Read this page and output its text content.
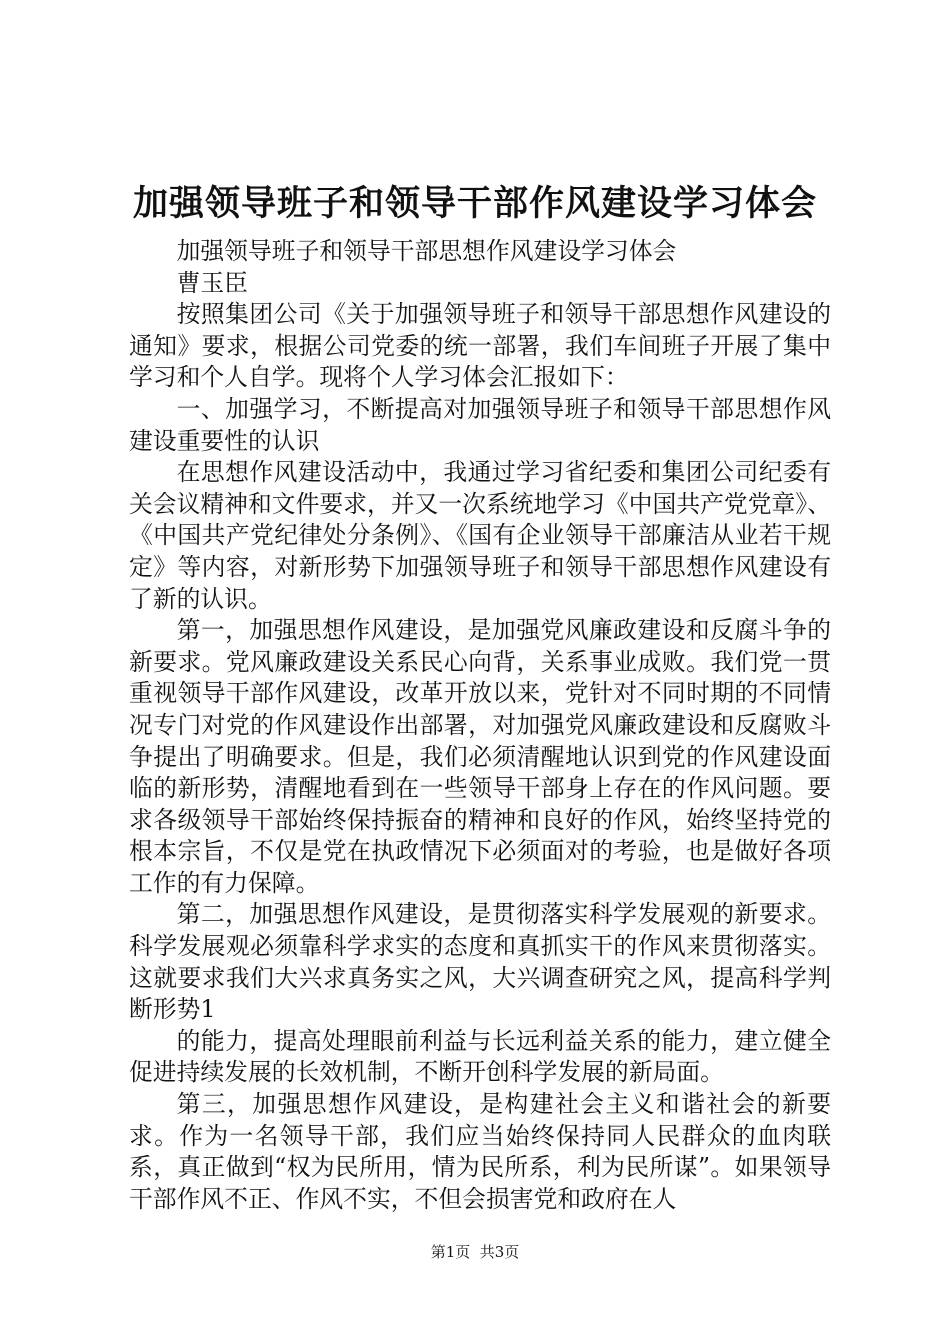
加强领导班子和领导干部作风建设学习体会

加强领导班子和领导干部思想作风建设学习体会

曹玉臣

按照集团公司《关于加强领导班子和领导干部思想作风建设的通知》要求，根据公司党委的统一部署，我们车间班子开展了集中学习和个人自学。现将个人学习体会汇报如下：

一、加强学习，不断提高对加强领导班子和领导干部思想作风建设重要性的认识

在思想作风建设活动中，我通过学习省纪委和集团公司纪委有关会议精神和文件要求，并又一次系统地学习《中国共产党党章》、《中国共产党纪律处分条例》、《国有企业领导干部廉洁从业若干规定》等内容，对新形势下加强领导班子和领导干部思想作风建设有了新的认识。

第一，加强思想作风建设，是加强党风廉政建设和反腐斗争的新要求。党风廉政建设关系民心向背，关系事业成败。我们党一贯重视领导干部作风建设，改革开放以来，党针对不同时期的不同情况专门对党的作风建设作出部署，对加强党风廉政建设和反腐败斗争提出了明确要求。但是，我们必须清醒地认识到党的作风建设面临的新形势，清醒地看到在一些领导干部身上存在的作风问题。要求各级领导干部始终保持振奋的精神和良好的作风，始终坚持党的根本宗旨，不仅是党在执政情况下必须面对的考验，也是做好各项工作的有力保障。

第二，加强思想作风建设，是贯彻落实科学发展观的新要求。科学发展观必须靠科学求实的态度和真抓实干的作风来贯彻落实。这就要求我们大兴求真务实之风，大兴调查研究之风，提高科学判断形势1

的能力，提高处理眼前利益与长远利益关系的能力，建立健全促进持续发展的长效机制，不断开创科学发展的新局面。

第三，加强思想作风建设，是构建社会主义和谐社会的新要求。作为一名领导干部，我们应当始终保持同人民群众的血肉联系，真正做到“权为民所用，情为民所系，利为民所谋”。如果领导干部作风不正、作风不实，不但会损害党和政府在人

第1页  共3页
